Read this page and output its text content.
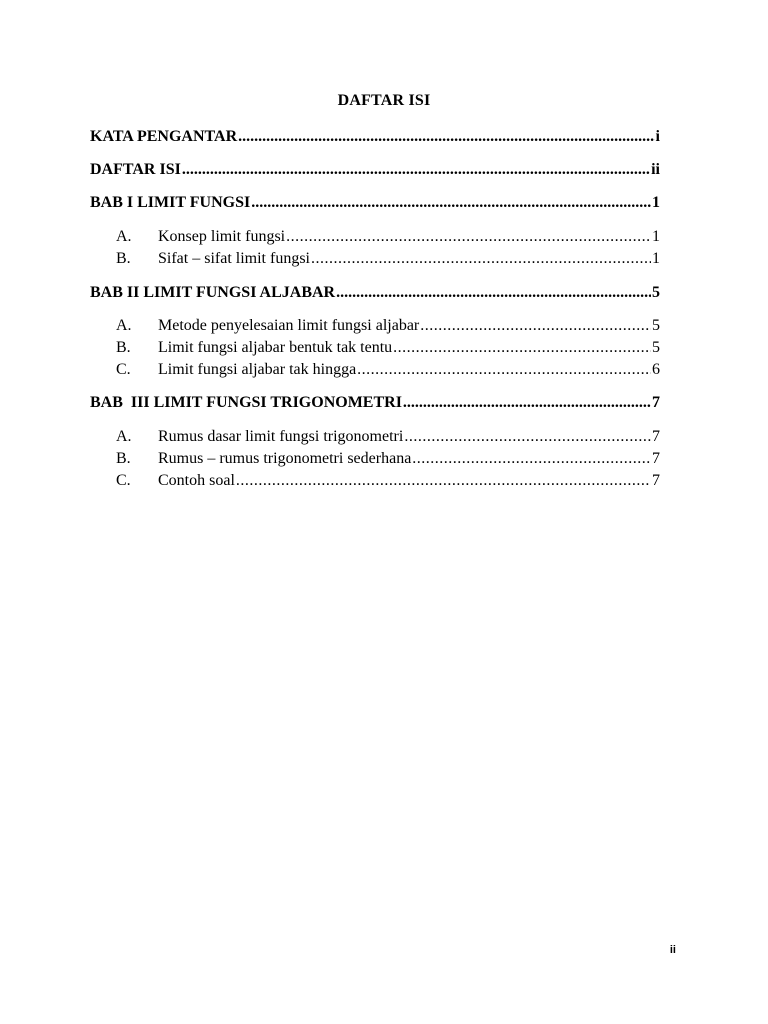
DAFTAR ISI
KATA PENGANTAR .....	i
DAFTAR ISI .....	ii
BAB I LIMIT FUNGSI .....	1
A.	Konsep limit fungsi .....	1
B.	Sifat – sifat limit fungsi .....	1
BAB II LIMIT FUNGSI ALJABAR .....	5
A.	Metode penyelesaian limit fungsi aljabar .....	5
B.	Limit fungsi aljabar bentuk tak tentu .....	5
C.	Limit fungsi aljabar tak hingga .....	6
BAB  III LIMIT FUNGSI TRIGONOMETRI .....	7
A.	Rumus dasar limit fungsi trigonometri .....	7
B.	Rumus – rumus trigonometri sederhana .....	7
C.	Contoh soal .....	7
ii
